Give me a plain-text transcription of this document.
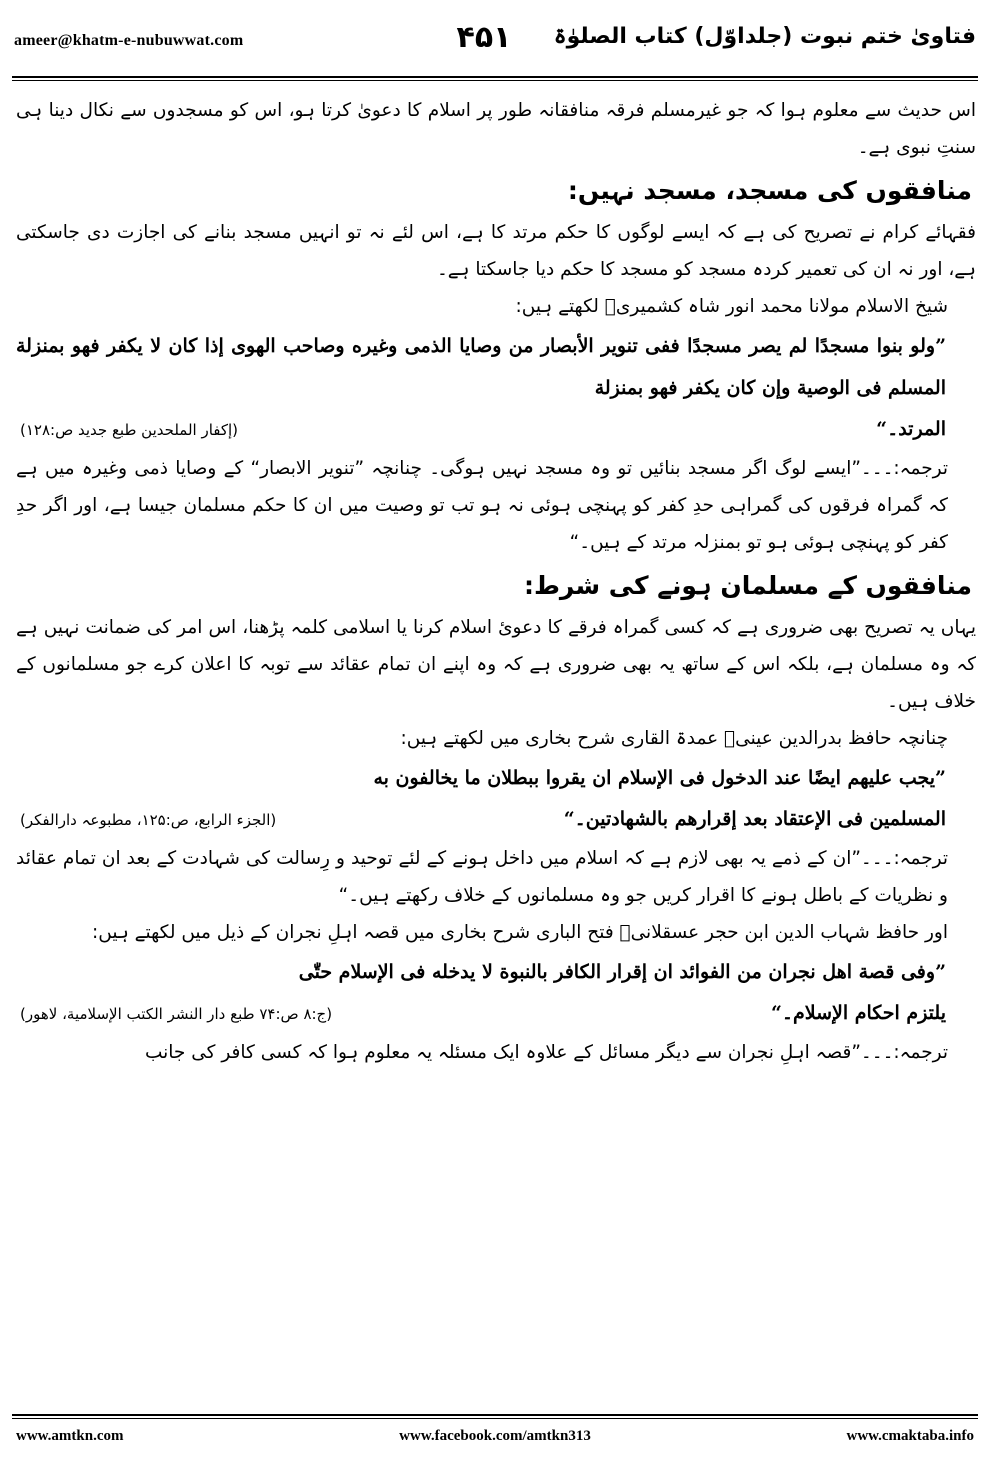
ameer@khatm-e-nubuwwat.com	۴۵۱	فتاویٰ ختم نبوت (جلداوّل) کتاب الصلوٰۃ

اس حدیث سے معلوم ہوا کہ جو غیرمسلم فرقہ منافقانہ طور پر اسلام کا دعویٰ کرتا ہو، اس کو مسجدوں سے نکال دینا ہی سنتِ نبوی ہے۔

منافقوں کی مسجد، مسجد نہیں:

فقہائے کرام نے تصریح کی ہے کہ ایسے لوگوں کا حکم مرتد کا ہے، اس لئے نہ تو انہیں مسجد بنانے کی اجازت دی جاسکتی ہے، اور نہ ان کی تعمیر کردہ مسجد کو مسجد کا حکم دیا جاسکتا ہے۔

شیخ الاسلام مولانا محمد انور شاہ کشمیریؒ لکھتے ہیں:

”ولو بنوا مسجدًا لم يصر مسجدًا ففی تنوير الأبصار من وصايا الذمی وغيره وصاحب الهوى إذا كان لا يكفر فهو بمنزلة المسلم فی الوصية وإن كان يكفر فهو بمنزلة

المرتد۔“
(إكفار الملحدين طبع جديد ص:۱۲۸)

ترجمہ:۔۔۔”ایسے لوگ اگر مسجد بنائیں تو وہ مسجد نہیں ہوگی۔ چنانچہ ”تنویر الابصار“ کے وصایا ذمی وغیرہ میں ہے کہ گمراہ فرقوں کی گمراہی حدِ کفر کو پہنچی ہوئی نہ ہو تب تو وصیت میں ان کا حکم مسلمان جیسا ہے، اور اگر حدِ کفر کو پہنچی ہوئی ہو تو بمنزلہ مرتد کے ہیں۔“

منافقوں کے مسلمان ہونے کی شرط:

یہاں یہ تصریح بھی ضروری ہے کہ کسی گمراہ فرقے کا دعویٔ اسلام کرنا یا اسلامی کلمہ پڑھنا، اس امر کی ضمانت نہیں ہے کہ وہ مسلمان ہے، بلکہ اس کے ساتھ یہ بھی ضروری ہے کہ وہ اپنے ان تمام عقائد سے توبہ کا اعلان کرے جو مسلمانوں کے خلاف ہیں۔

چنانچہ حافظ بدرالدین عینیؒ عمدۃ القاری شرح بخاری میں لکھتے ہیں:

”يجب عليهم ايضًا عند الدخول فی الإسلام ان يقروا ببطلان ما يخالفون به

المسلمین فی الإعتقاد بعد إقرارهم بالشهادتین۔“
(الجزء الرابع، ص:۱۲۵، مطبوعہ دارالفکر)

ترجمہ:۔۔۔”ان کے ذمے یہ بھی لازم ہے کہ اسلام میں داخل ہونے کے لئے توحید و رِسالت کی شہادت کے بعد ان تمام عقائد و نظریات کے باطل ہونے کا اقرار کریں جو وہ مسلمانوں کے خلاف رکھتے ہیں۔“

اور حافظ شہاب الدین ابن حجر عسقلانیؒ فتح الباری شرح بخاری میں قصہ اہلِ نجران کے ذیل میں لکھتے ہیں:

”وفی قصة اهل نجران من الفوائد ان إقرار الكافر بالنبوة لا يدخله فی الإسلام حتّٰى

يلتزم احكام الإسلام۔“
(ج:۸ ص:۷۴ طبع دار النشر الكتب الإسلامية، لاهور)

ترجمہ:۔۔۔”قصہ اہلِ نجران سے دیگر مسائل کے علاوہ ایک مسئلہ یہ معلوم ہوا کہ کسی کافر کی جانب

www.amtkn.com	www.facebook.com/amtkn313	www.cmaktaba.info
